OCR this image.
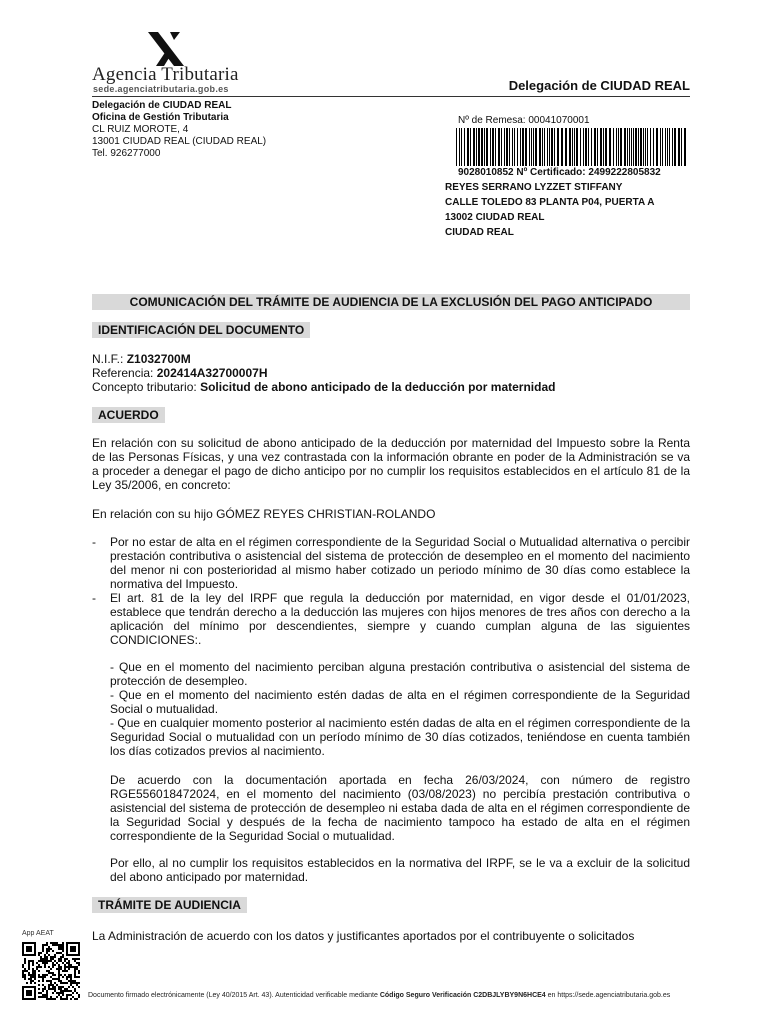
Agencia Tributaria
sede.agenciatributaria.gob.es	Delegación de CIUDAD REAL
Delegación de CIUDAD REAL
Oficina de Gestión Tributaria
CL RUIZ MOROTE, 4
13001 CIUDAD REAL (CIUDAD REAL)
Tel. 926277000
Nº de Remesa: 00041070001
9028010852 Nº Certificado: 2499222805832
REYES SERRANO LYZZET STIFFANY
CALLE TOLEDO 83 PLANTA P04, PUERTA A
13002 CIUDAD REAL
CIUDAD REAL
COMUNICACIÓN DEL TRÁMITE DE AUDIENCIA DE LA EXCLUSIÓN DEL PAGO ANTICIPADO
IDENTIFICACIÓN DEL DOCUMENTO
N.I.F.: Z1032700M
Referencia: 202414A32700007H
Concepto tributario: Solicitud de abono anticipado de la deducción por maternidad
ACUERDO
En relación con su solicitud de abono anticipado de la deducción por maternidad del Impuesto sobre la Renta de las Personas Físicas, y una vez contrastada con la información obrante en poder de la Administración se va a proceder a denegar el pago de dicho anticipo por no cumplir los requisitos establecidos en el artículo 81 de la Ley 35/2006, en concreto:
En relación con su hijo GÓMEZ REYES CHRISTIAN-ROLANDO
- Por no estar de alta en el régimen correspondiente de la Seguridad Social o Mutualidad alternativa o percibir prestación contributiva o asistencial del sistema de protección de desempleo en el momento del nacimiento del menor ni con posterioridad al mismo haber cotizado un periodo mínimo de 30 días como establece la normativa del Impuesto.
- El art. 81 de la ley del IRPF que regula la deducción por maternidad, en vigor desde el 01/01/2023, establece que tendrán derecho a la deducción las mujeres con hijos menores de tres años con derecho a la aplicación del mínimo por descendientes, siempre y cuando cumplan alguna de las siguientes CONDICIONES:.
- Que en el momento del nacimiento perciban alguna prestación contributiva o asistencial del sistema de protección de desempleo.
- Que en el momento del nacimiento estén dadas de alta en el régimen correspondiente de la Seguridad Social o mutualidad.
- Que en cualquier momento posterior al nacimiento estén dadas de alta en el régimen correspondiente de la Seguridad Social o mutualidad con un período mínimo de 30 días cotizados, teniéndose en cuenta también los días cotizados previos al nacimiento.
De acuerdo con la documentación aportada en fecha 26/03/2024, con número de registro RGE556018472024, en el momento del nacimiento (03/08/2023) no percibía prestación contributiva o asistencial del sistema de protección de desempleo ni estaba dada de alta en el régimen correspondiente de la Seguridad Social y después de la fecha de nacimiento tampoco ha estado de alta en el régimen correspondiente de la Seguridad Social o mutualidad.
Por ello, al no cumplir los requisitos establecidos en la normativa del IRPF, se le va a excluir de la solicitud del abono anticipado por maternidad.
TRÁMITE DE AUDIENCIA
La Administración de acuerdo con los datos y justificantes aportados por el contribuyente o solicitados
App AEAT
Documento firmado electrónicamente (Ley 40/2015 Art. 43). Autenticidad verificable mediante Código Seguro Verificación C2DBJLYBY9N6HCE4 en https://sede.agenciatributaria.gob.es
